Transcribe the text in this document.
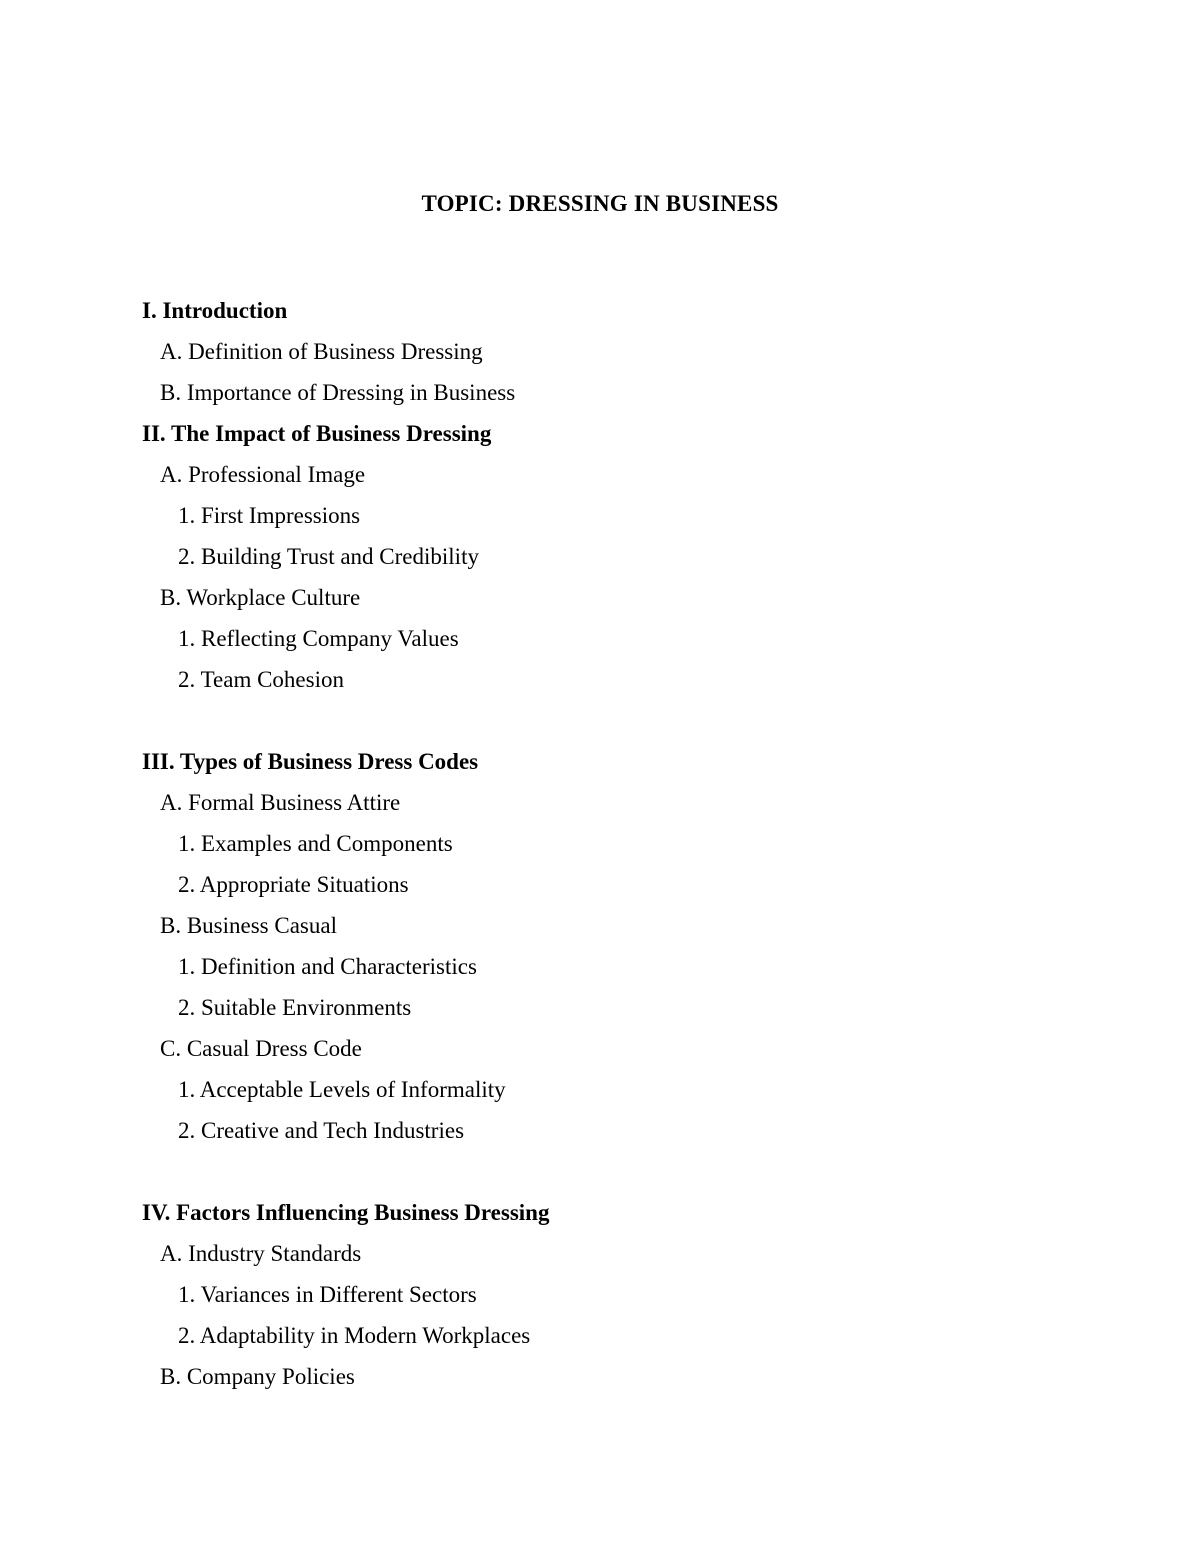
TOPIC: DRESSING IN BUSINESS
I. Introduction
A. Definition of Business Dressing
B. Importance of Dressing in Business
II. The Impact of Business Dressing
A. Professional Image
1. First Impressions
2. Building Trust and Credibility
B. Workplace Culture
1. Reflecting Company Values
2. Team Cohesion
III. Types of Business Dress Codes
A. Formal Business Attire
1. Examples and Components
2. Appropriate Situations
B. Business Casual
1. Definition and Characteristics
2. Suitable Environments
C. Casual Dress Code
1. Acceptable Levels of Informality
2. Creative and Tech Industries
IV. Factors Influencing Business Dressing
A. Industry Standards
1. Variances in Different Sectors
2. Adaptability in Modern Workplaces
B. Company Policies
